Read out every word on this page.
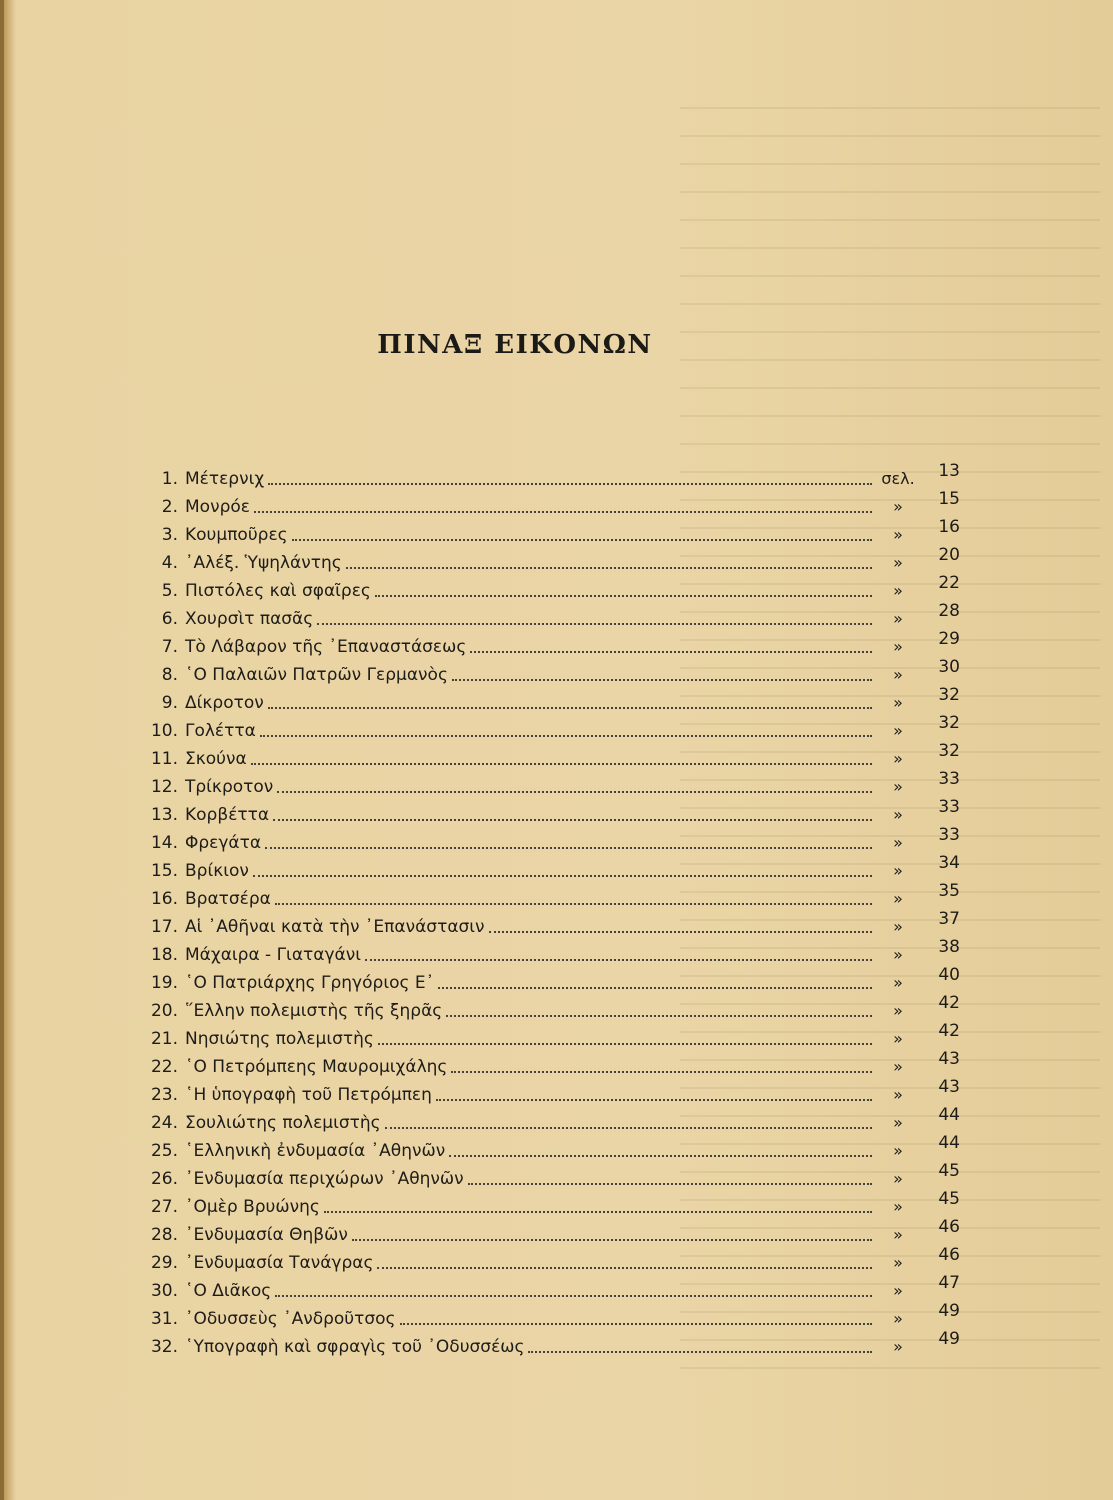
ΠΙΝΑΞ ΕΙΚΟΝΩΝ
1. Μέτερνιχ	σελ.	13
2. Μονρόε	»	15
3. Κουμποῦρες	»	16
4. ᾽Αλέξ. Ὑψηλάντης	»	20
5. Πιστόλες καὶ σφαῖρες	»	22
6. Χουρσὶτ πασᾶς	»	28
7. Τὸ Λάβαρον τῆς ᾽Επαναστάσεως	»	29
8. ῾Ο Παλαιῶν Πατρῶν Γερμανὸς	»	30
9. Δίκροτον	»	32
10. Γολέττα	»	32
11. Σκούνα	»	32
12. Τρίκροτον	»	33
13. Κορβέττα	»	33
14. Φρεγάτα	»	33
15. Βρίκιον	»	34
16. Βρατσέρα	»	35
17. Αἱ ᾽Αθῆναι κατὰ τὴν ᾽Επανάστασιν	»	37
18. Μάχαιρα - Γιαταγάνι	»	38
19. ῾Ο Πατριάρχης Γρηγόριος Ε᾽	»	40
20. ῞Ελλην πολεμιστὴς τῆς ξηρᾶς	»	42
21. Νησιώτης πολεμιστὴς	»	42
22. ῾Ο Πετρόμπεης Μαυρομιχάλης	»	43
23. ῾Η ὑπογραφὴ τοῦ Πετρόμπεη	»	43
24. Σουλιώτης πολεμιστὴς	»	44
25. ῾Ελληνικὴ ἐνδυμασία ᾽Αθηνῶν	»	44
26. ᾽Ενδυμασία περιχώρων ᾽Αθηνῶν	»	45
27. ᾽Ομὲρ Βρυώνης	»	45
28. ᾽Ενδυμασία Θηβῶν	»	46
29. ᾽Ενδυμασία Τανάγρας	»	46
30. ῾Ο Διᾶκος	»	47
31. ᾽Οδυσσεὺς ᾽Ανδροῦτσος	»	49
32. ῾Υπογραφὴ καὶ σφραγὶς τοῦ ᾽Οδυσσέως	»	49
